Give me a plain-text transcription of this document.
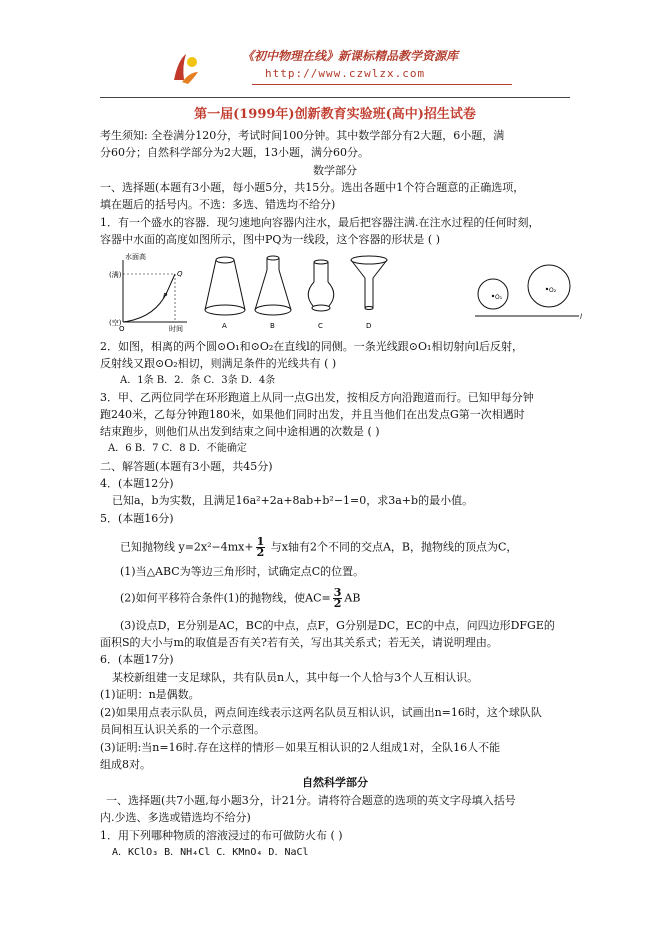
《初中物理在线》新课标精品教学资源库
http://www.czwlzx.com
第一届(1999年)创新教育实验班(高中)招生试卷
考生须知: 全卷满分120分，考试时间100分钟。其中数学部分有2大题，6小题，满
分60分；自然科学部分为2大题，13小题，满分60分。
数学部分
一、选择题(本题有3小题，每小题5分，共15分。选出各题中1个符合题意的正确选项，
填在题后的括号内。不选：多选、错选均不给分)
1．有一个盛水的容器．现匀速地向容器内注水，最后把容器注满.在注水过程的任何时刻，
容器中水面的高度如图所示，图中PQ为一线段，这个容器的形状是 ( )
水面高
(满)
(空)
P
Q
O	时间	A	B	C	D
O₁
O₂
l
2．如图，相离的两个圆⊙O₁和⊙O₂在直线l的同侧。一条光线跟⊙O₁相切射向l后反射，
反射线又跟⊙O₂相切，则满足条件的光线共有 ( )
A．1条 B．2．条 C．3条 D．4条
3．甲、乙两位同学在环形跑道上从同一点G出发，按相反方向沿跑道而行。已知甲每分钟
跑240米，乙每分钟跑180米，如果他们同时出发，并且当他们在出发点G第一次相遇时
结束跑步，则他们从出发到结束之间中途相遇的次数是 ( )
A．6 B．7 C．8 D．不能确定
二、解答题(本题有3小题，共45分)
4．(本题12分)
已知a，b为实数，且满足16a²+2a+8ab+b²−1=0，求3a+b的最小值。
5．(本题16分)
已知抛物线 $y=2x^2-4mx+ \frac{1}{2}$ 与x轴有2个不同的交点A，B，抛物线的顶点为C，
(1)当△ABC为等边三角形时，试确定点C的位置。
(2)如何平移符合条件(1)的抛物线，使$AC= \frac{3}{2}$ AB
(3)设点D，E分别是AC，BC的中点，点F，G分别是DC，EC的中点，问四边形DFGE的
面积S的大小与m的取值是否有关?若有关，写出其关系式；若无关，请说明理由。
6．(本题17分)
某校新组建一支足球队，共有队员n人，其中每一个人恰与3个人互相认识。
(1)证明：n是偶数。
(2)如果用点表示队员，两点间连线表示这两名队员互相认识，试画出n=16时，这个球队队
员间相互认识关系的一个示意图。
(3)证明:当n=16时.存在这样的情形－如果互相认识的2人组成1对，全队16人不能
组成8对。
自然科学部分
一、选择题(共7小题,每小题3分，计21分。请将符合题意的选项的英文字母填入括号
内.少选、多选或错选均不给分)
1．用下列哪种物质的溶液浸过的布可做防火布 ( )
A．KClO₃ B．NH₄Cl C．KMnO₄ D．NaCl
